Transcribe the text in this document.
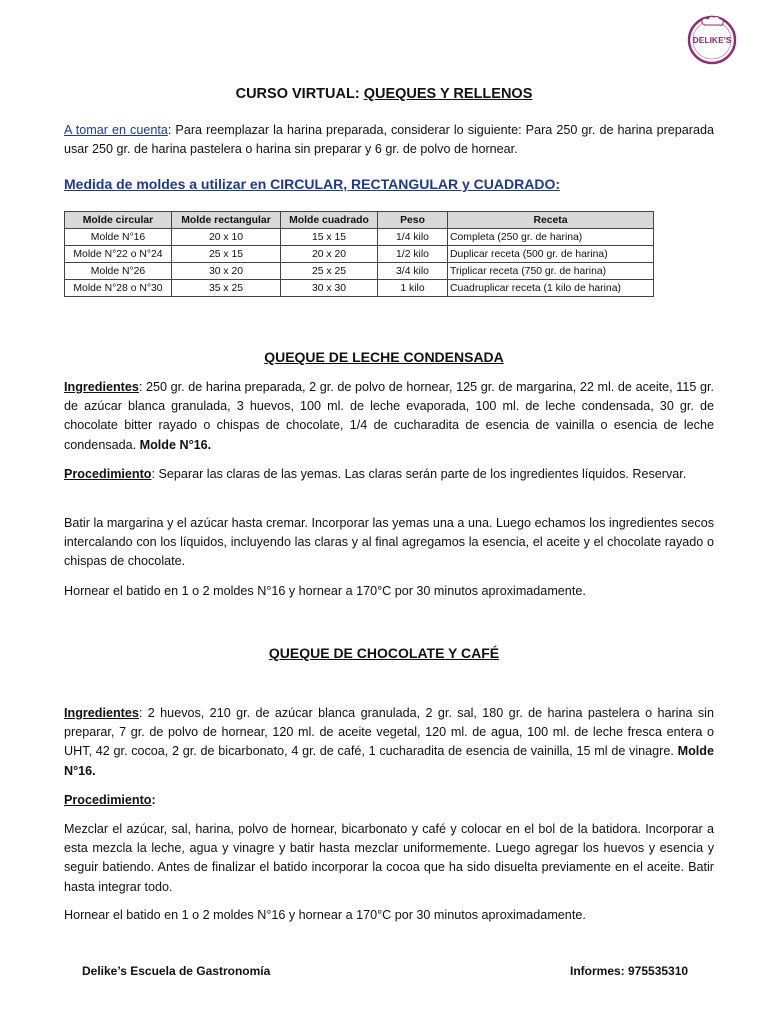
DELIKE'S
CURSO VIRTUAL: QUEQUES Y RELLENOS
A tomar en cuenta: Para reemplazar la harina preparada, considerar lo siguiente: Para 250 gr. de harina preparada usar 250 gr. de harina pastelera o harina sin preparar y 6 gr. de polvo de hornear.
Medida de moldes a utilizar en CIRCULAR, RECTANGULAR y CUADRADO:
Molde circular	Molde rectangular	Molde cuadrado	Peso	Receta
Molde N°16	20 x 10	15 x 15	1/4 kilo	Completa (250 gr. de harina)
Molde N°22 o N°24	25 x 15	20 x 20	1/2 kilo	Duplicar receta (500 gr. de harina)
Molde N°26	30 x 20	25 x 25	3/4 kilo	Triplicar receta (750 gr. de harina)
Molde N°28 o N°30	35 x 25	30 x 30	1 kilo	Cuadruplicar receta (1 kilo de harina)
QUEQUE DE LECHE CONDENSADA
Ingredientes: 250 gr. de harina preparada, 2 gr. de polvo de hornear, 125 gr. de margarina, 22 ml. de aceite, 115 gr. de azúcar blanca granulada, 3 huevos, 100 ml. de leche evaporada, 100 ml. de leche condensada, 30 gr. de chocolate bitter rayado o chispas de chocolate, 1/4 de cucharadita de esencia de vainilla o esencia de leche condensada. Molde N°16.
Procedimiento: Separar las claras de las yemas. Las claras serán parte de los ingredientes líquidos. Reservar.
Batir la margarina y el azúcar hasta cremar. Incorporar las yemas una a una. Luego echamos los ingredientes secos intercalando con los líquidos, incluyendo las claras y al final agregamos la esencia, el aceite y el chocolate rayado o chispas de chocolate.
Hornear el batido en 1 o 2 moldes N°16 y hornear a 170°C por 30 minutos aproximadamente.
QUEQUE DE CHOCOLATE Y CAFÉ
Ingredientes: 2 huevos, 210 gr. de azúcar blanca granulada, 2 gr. sal, 180 gr. de harina pastelera o harina sin preparar, 7 gr. de polvo de hornear, 120 ml. de aceite vegetal, 120 ml. de agua, 100 ml. de leche fresca entera o UHT, 42 gr. cocoa, 2 gr. de bicarbonato, 4 gr. de café, 1 cucharadita de esencia de vainilla, 15 ml de vinagre. Molde N°16.
Procedimiento:
Mezclar el azúcar, sal, harina, polvo de hornear, bicarbonato y café y colocar en el bol de la batidora. Incorporar a esta mezcla la leche, agua y vinagre y batir hasta mezclar uniformemente. Luego agregar los huevos y esencia y seguir batiendo. Antes de finalizar el batido incorporar la cocoa que ha sido disuelta previamente en el aceite. Batir hasta integrar todo.
Hornear el batido en 1 o 2 moldes N°16 y hornear a 170°C por 30 minutos aproximadamente.
Delike’s Escuela de Gastronomía	Informes: 975535310
